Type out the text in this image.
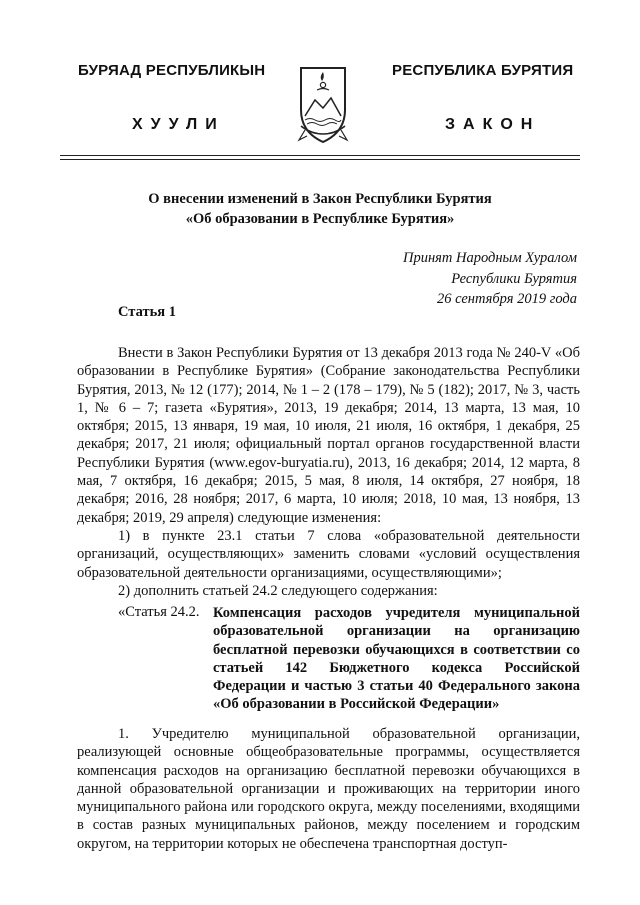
БУРЯАД РЕСПУБЛИКЫН	РЕСПУБЛИКА БУРЯТИЯ
ХУУЛИ	ЗАКОН
О внесении изменений в Закон Республики Бурятия
«Об образовании в Республике Бурятия»
Принят Народным Хуралом
Республики Бурятия
26 сентября 2019 года
Статья 1
Внести в Закон Республики Бурятия от 13 декабря 2013 года № 240-V «Об образовании в Республике Бурятия» (Собрание законодательства Республики Бурятия, 2013, № 12 (177); 2014, № 1 – 2 (178 – 179), № 5 (182); 2017, № 3, часть 1, № 6 – 7; газета «Бурятия», 2013, 19 декабря; 2014, 13 марта, 13 мая, 10 октября; 2015, 13 января, 19 мая, 10 июля, 21 июля, 16 октября, 1 декабря, 25 декабря; 2017, 21 июля; официальный портал органов государственной власти Республики Бурятия (www.egov-buryatia.ru), 2013, 16 декабря; 2014, 12 марта, 8 мая, 7 октября, 16 декабря; 2015, 5 мая, 8 июля, 14 октября, 27 ноября, 18 декабря; 2016, 28 ноября; 2017, 6 марта, 10 июля; 2018, 10 мая, 13 ноября, 13 декабря; 2019, 29 апреля) следующие изменения:
1) в пункте 23.1 статьи 7 слова «образовательной деятельности организаций, осуществляющих» заменить словами «условий осуществления образовательной деятельности организациями, осуществляющими»;
2) дополнить статьей 24.2 следующего содержания:
«Статья 24.2. Компенсация расходов учредителя муниципальной образовательной организации на организацию бесплатной перевозки обучающихся в соответствии со статьей 142 Бюджетного кодекса Российской Федерации и частью 3 статьи 40 Федерального закона «Об образовании в Российской Федерации»
1. Учредителю муниципальной образовательной организации, реализующей основные общеобразовательные программы, осуществляется компенсация расходов на организацию бесплатной перевозки обучающихся в данной образовательной организации и проживающих на территории иного муниципального района или городского округа, между поселениями, входящими в состав разных муниципальных районов, между поселением и городским округом, на территории которых не обеспечена транспортная доступ-
